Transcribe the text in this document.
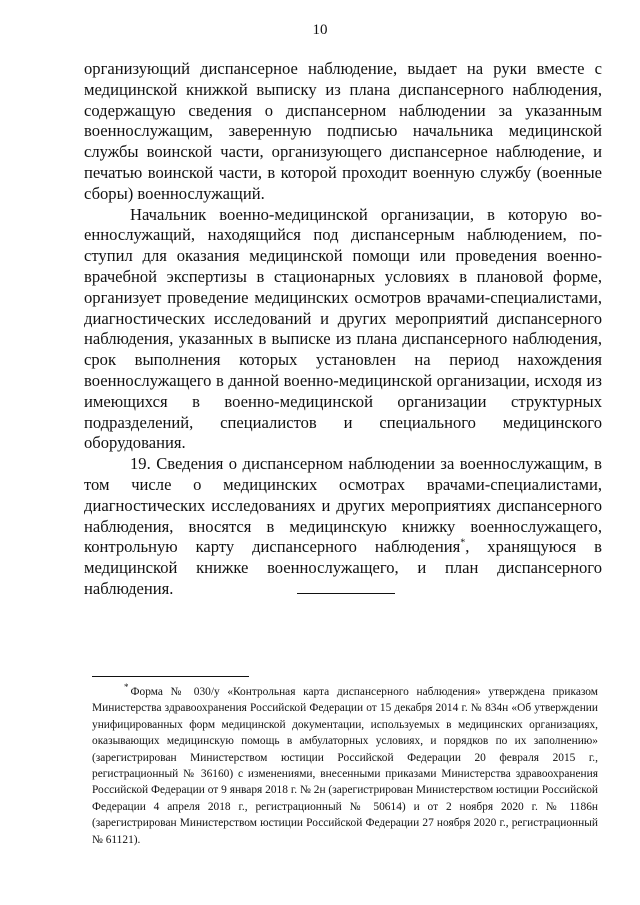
10

организующий диспансерное наблюдение, выдает на руки вместе с медицинской книжкой выписку из плана диспансерного наблюдения, содержащую сведения о диспансерном наблюдении за указанным военнослужащим, заверенную подписью начальника медицинской службы воинской части, организующего диспансерное наблюдение, и печатью воинской части, в которой проходит военную службу (военные сборы) военнослужащий.

Начальник военно-медицинской организации, в которую военнослужащий, находящийся под диспансерным наблюдением, поступил для оказания медицинской помощи или проведения военно-врачебной экспертизы в стационарных условиях в плановой форме, организует проведение медицинских осмотров врачами-специалистами, диагностических исследований и других мероприятий диспансерного наблюдения, указанных в выписке из плана диспансерного наблюдения, срок выполнения которых установлен на период нахождения военнослужащего в данной военно-медицинской организации, исходя из имеющихся в военно-медицинской организации структурных подразделений, специалистов и специального медицинского оборудования.

19. Сведения о диспансерном наблюдении за военнослужащим, в том числе о медицинских осмотрах врачами-специалистами, диагностических исследованиях и других мероприятиях диспансерного наблюдения, вносятся в медицинскую книжку военнослужащего, контрольную карту диспансерного наблюдения*, хранящуюся в медицинской книжке военнослужащего, и план диспансерного наблюдения.

* Форма № 030/у «Контрольная карта диспансерного наблюдения» утверждена приказом Министерства здравоохранения Российской Федерации от 15 декабря 2014 г. № 834н «Об утверждении унифицированных форм медицинской документации, используемых в медицинских организациях, оказывающих медицинскую помощь в амбулаторных условиях, и порядков по их заполнению» (зарегистрирован Министерством юстиции Российской Федерации 20 февраля 2015 г., регистрационный № 36160) с изменениями, внесенными приказами Министерства здравоохранения Российской Федерации от 9 января 2018 г. № 2н (зарегистрирован Министерством юстиции Российской Федерации 4 апреля 2018 г., регистрационный № 50614) и от 2 ноября 2020 г. № 1186н (зарегистрирован Министерством юстиции Российской Федерации 27 ноября 2020 г., регистрационный № 61121).
